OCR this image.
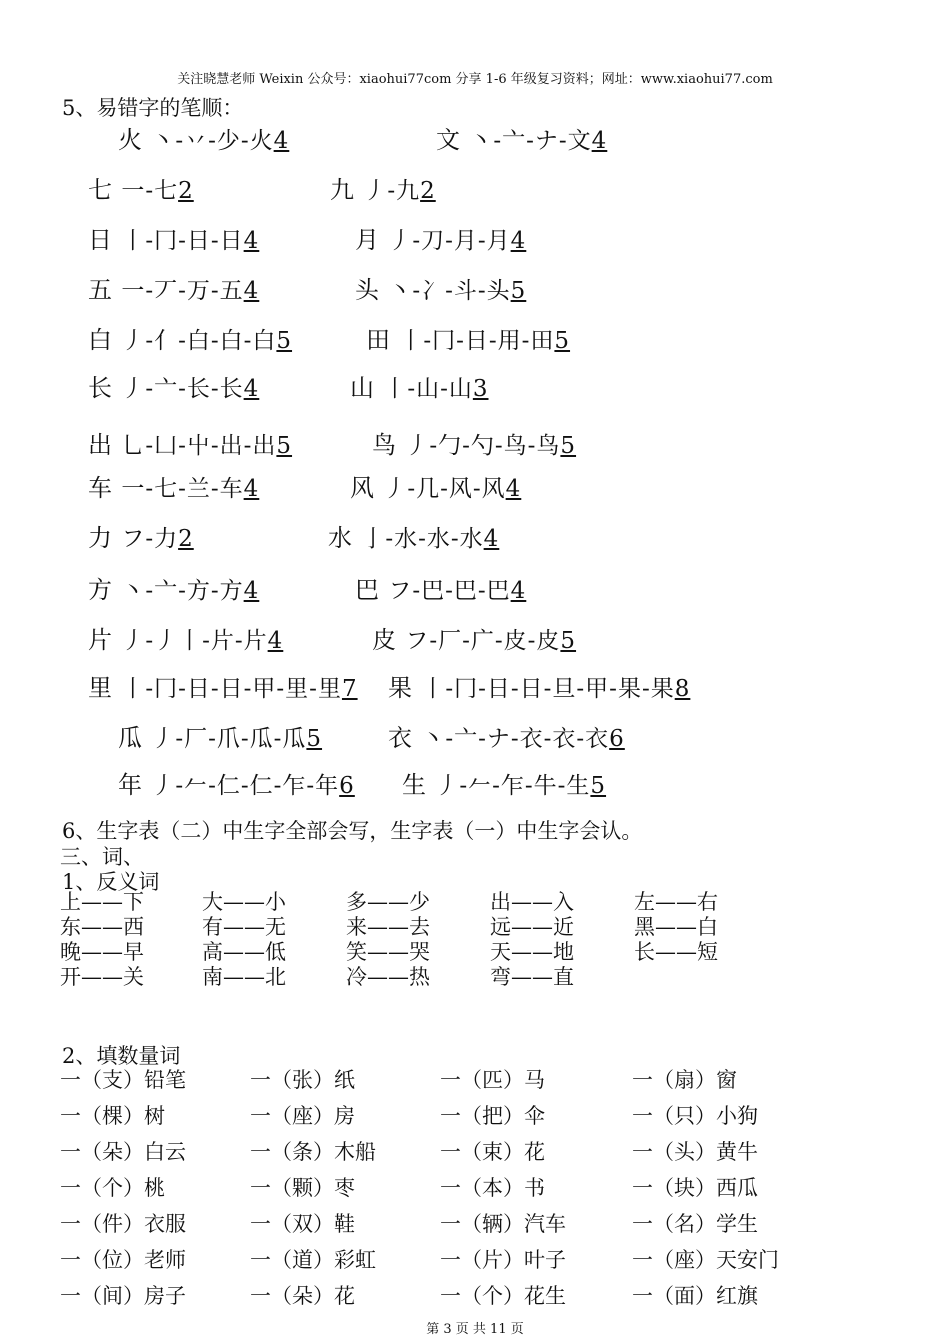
关注晓慧老师 Weixin 公众号：xiaohui77com 分享 1-6 年级复习资料；网址：www.xiaohui77.com
5、易错字的笔顺：
火 丶-丷-少-火4	文 丶-亠-ナ-文4
七 一-七2	九 丿-九2
日 丨-冂-日-日4	月 丿-刀-月-月4
五 一-丆-万-五4	头 丶-冫-斗-头5
白 丿-亻-白-白-白5	田 丨-冂-日-用-田5
长 丿-亠-长-长4	山 丨-山-山3
出 乚-凵-屮-出-出5	鸟 丿-勹-勺-鸟-鸟5
车 一-七-兰-车4	风 丿-几-风-风4
力 フ-力2	水 亅-水-水-水4
方 丶-亠-方-方4	巴 フ-巴-巴-巴4
片 丿-丿丨-片-片4	皮 フ-厂-广-皮-皮5
里 丨-冂-日-日-甲-里-里7 果 丨-冂-日-日-旦-甲-果-果8
瓜 丿-厂-爪-瓜-瓜5	衣 丶-亠-ナ-衣-衣-衣6
年 丿-𠂉-仁-仁-乍-年6 生 丿-𠂉-乍-牛-生5
6、生字表（二）中生字全部会写，生字表（一）中生字会认。
三、词、
1、反义词
上——下	大——小	多——少	出——入	左——右
东——西	有——无	来——去	远——近	黑——白
晚——早	高——低	笑——哭	天——地	长——短
开——关	南——北	冷——热	弯——直
2、填数量词
一（支）铅笔	一（张）纸	一（匹）马	一（扇）窗
一（棵）树	一（座）房	一（把）伞	一（只）小狗
一（朵）白云	一（条）木船	一（束）花	一（头）黄牛
一（个）桃	一（颗）枣	一（本）书	一（块）西瓜
一（件）衣服	一（双）鞋	一（辆）汽车	一（名）学生
一（位）老师	一（道）彩虹	一（片）叶子	一（座）天安门
一（间）房子	一（朵）花	一（个）花生	一（面）红旗
第 3 页 共 11 页
